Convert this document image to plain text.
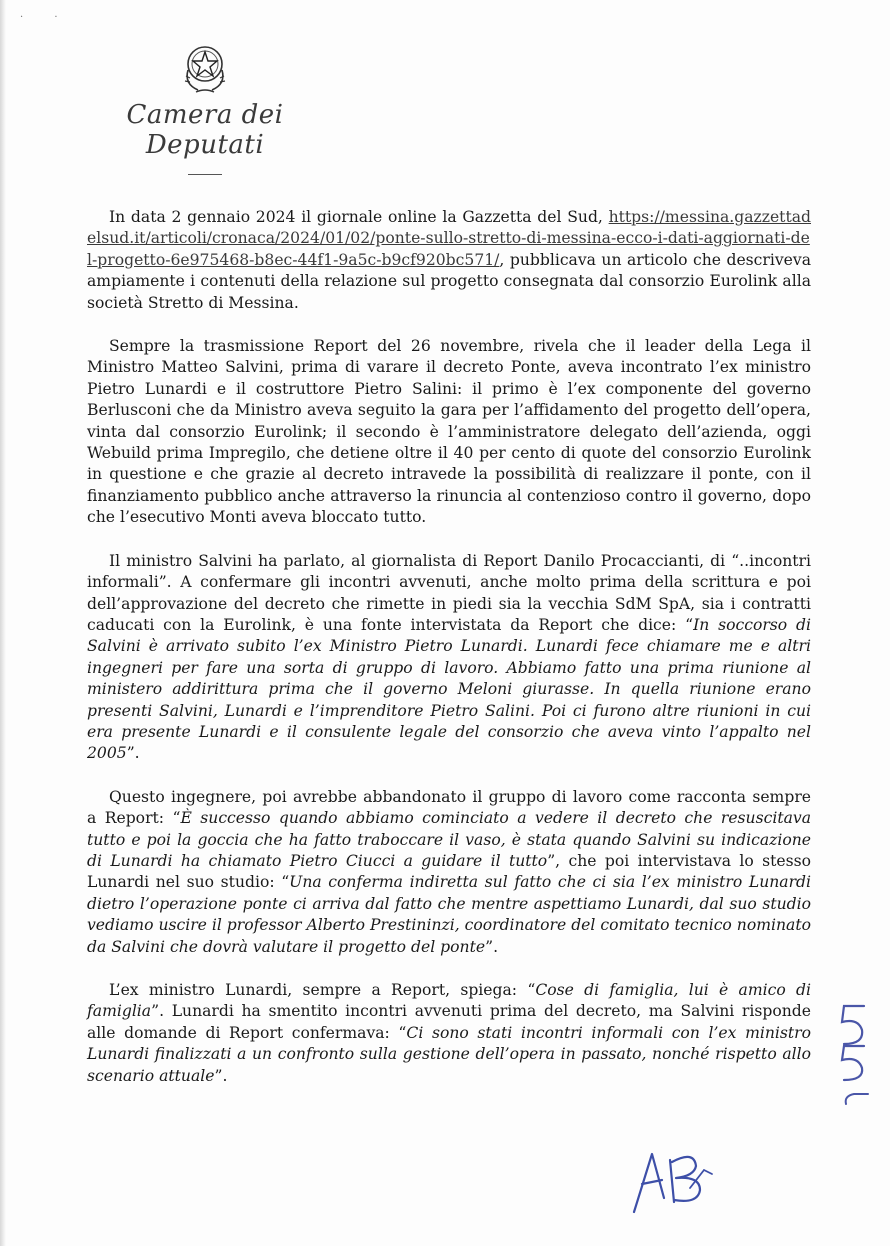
· ·
Camera dei Deputati

In data 2 gennaio 2024 il giornale online la Gazzetta del Sud, https://messina.gazzettadelsud.it/articoli/cronaca/2024/01/02/ponte-sullo-stretto-di-messina-ecco-i-dati-aggiornati-del-progetto-6e975468-b8ec-44f1-9a5c-b9cf920bc571/, pubblicava un articolo che descriveva ampiamente i contenuti della relazione sul progetto consegnata dal consorzio Eurolink alla società Stretto di Messina.

Sempre la trasmissione Report del 26 novembre, rivela che il leader della Lega il Ministro Matteo Salvini, prima di varare il decreto Ponte, aveva incontrato l’ex ministro Pietro Lunardi e il costruttore Pietro Salini: il primo è l’ex componente del governo Berlusconi che da Ministro aveva seguito la gara per l’affidamento del progetto dell’opera, vinta dal consorzio Eurolink; il secondo è l’amministratore delegato dell’azienda, oggi Webuild prima Impregilo, che detiene oltre il 40 per cento di quote del consorzio Eurolink in questione e che grazie al decreto intravede la possibilità di realizzare il ponte, con il finanziamento pubblico anche attraverso la rinuncia al contenzioso contro il governo, dopo che l’esecutivo Monti aveva bloccato tutto.

Il ministro Salvini ha parlato, al giornalista di Report Danilo Procaccianti, di “..incontri informali”. A confermare gli incontri avvenuti, anche molto prima della scrittura e poi dell’approvazione del decreto che rimette in piedi sia la vecchia SdM SpA, sia i contratti caducati con la Eurolink, è una fonte intervistata da Report che dice: “In soccorso di Salvini è arrivato subito l’ex Ministro Pietro Lunardi. Lunardi fece chiamare me e altri ingegneri per fare una sorta di gruppo di lavoro. Abbiamo fatto una prima riunione al ministero addirittura prima che il governo Meloni giurasse. In quella riunione erano presenti Salvini, Lunardi e l’imprenditore Pietro Salini. Poi ci furono altre riunioni in cui era presente Lunardi e il consulente legale del consorzio che aveva vinto l’appalto nel 2005”.

Questo ingegnere, poi avrebbe abbandonato il gruppo di lavoro come racconta sempre a Report: “È successo quando abbiamo cominciato a vedere il decreto che resuscitava tutto e poi la goccia che ha fatto traboccare il vaso, è stata quando Salvini su indicazione di Lunardi ha chiamato Pietro Ciucci a guidare il tutto”, che poi intervistava lo stesso Lunardi nel suo studio: “Una conferma indiretta sul fatto che ci sia l’ex ministro Lunardi dietro l’operazione ponte ci arriva dal fatto che mentre aspettiamo Lunardi, dal suo studio vediamo uscire il professor Alberto Prestininzi, coordinatore del comitato tecnico nominato da Salvini che dovrà valutare il progetto del ponte”.

L’ex ministro Lunardi, sempre a Report, spiega: “Cose di famiglia, lui è amico di famiglia”. Lunardi ha smentito incontri avvenuti prima del decreto, ma Salvini risponde alle domande di Report confermava: “Ci sono stati incontri informali con l’ex ministro Lunardi finalizzati a un confronto sulla gestione dell’opera in passato, nonché rispetto allo scenario attuale”.
